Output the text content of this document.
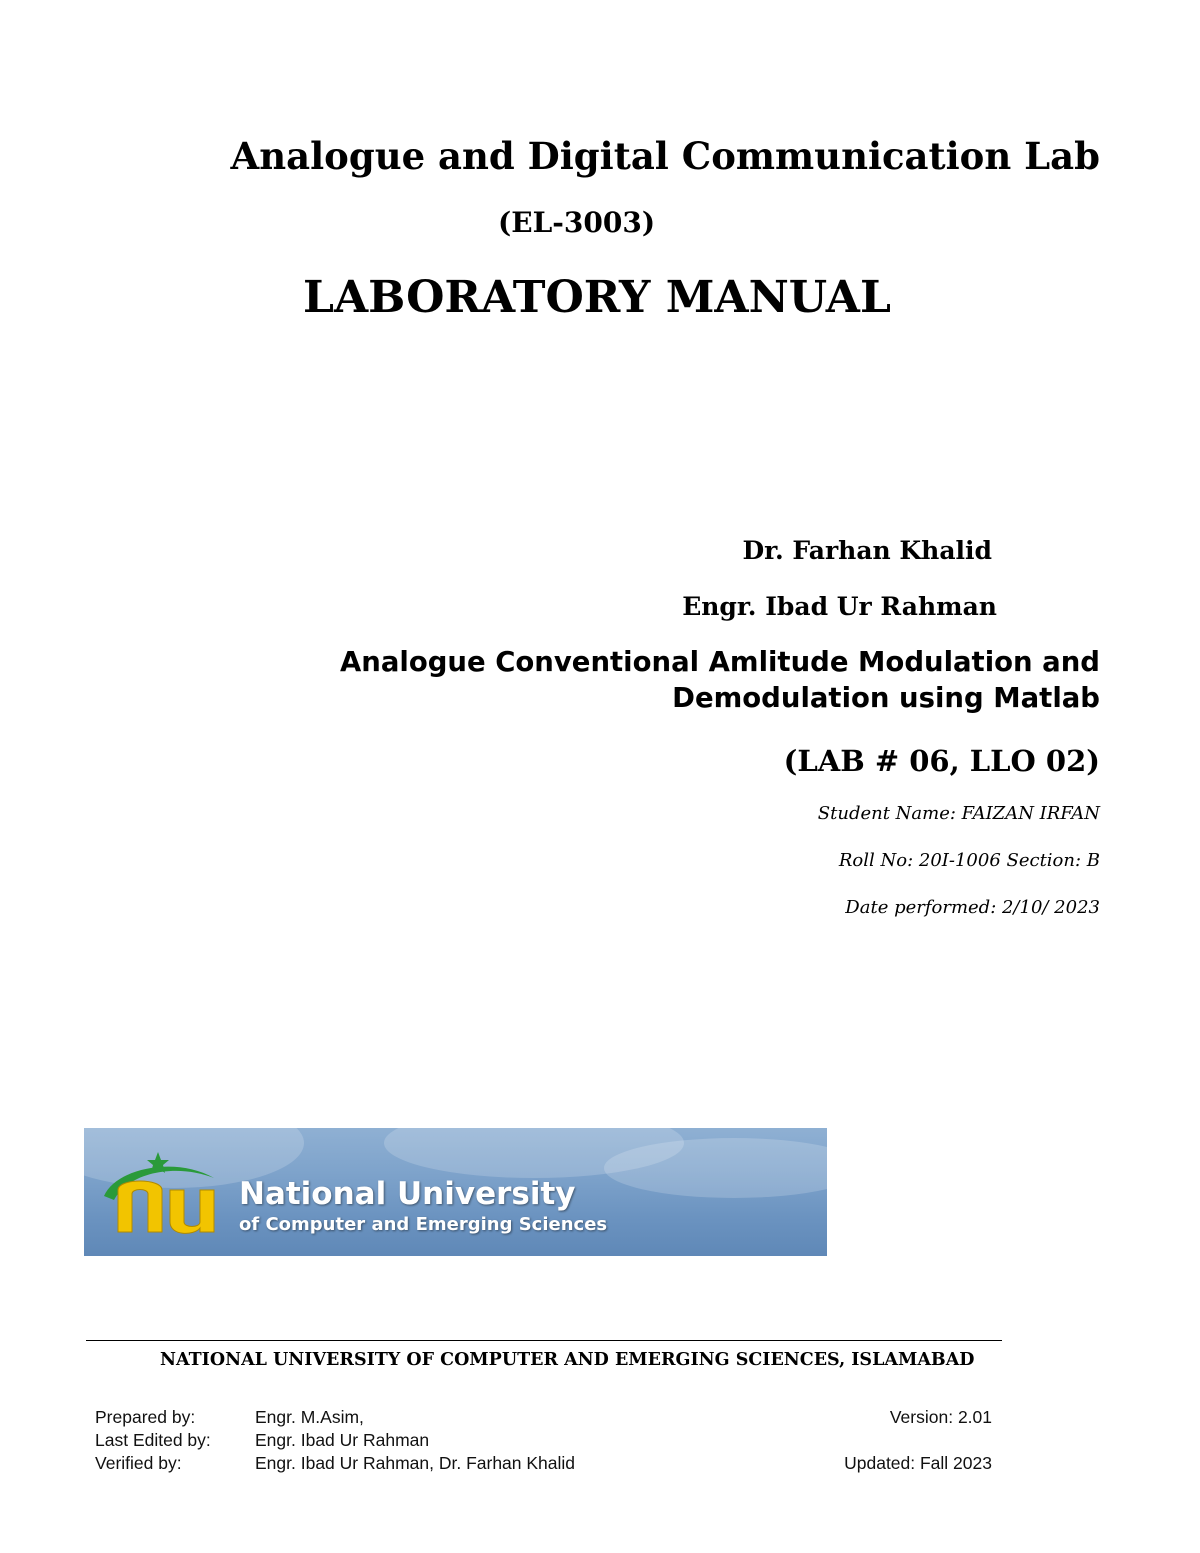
Analogue and Digital Communication Lab
(EL-3003)
LABORATORY MANUAL
Dr. Farhan Khalid
Engr. Ibad Ur Rahman
Analogue Conventional Amlitude Modulation and
Demodulation using Matlab
(LAB # 06, LLO 02)
Student Name: FAIZAN IRFAN
Roll No: 20I-1006 Section: B
Date performed: 2/10/ 2023
National University
of Computer and Emerging Sciences
NATIONAL UNIVERSITY OF COMPUTER AND EMERGING SCIENCES, ISLAMABAD
Prepared by:	Engr. M.Asim,	Version: 2.01
Last Edited by:	Engr. Ibad Ur Rahman
Verified by:	Engr. Ibad Ur Rahman, Dr. Farhan Khalid	Updated: Fall 2023
